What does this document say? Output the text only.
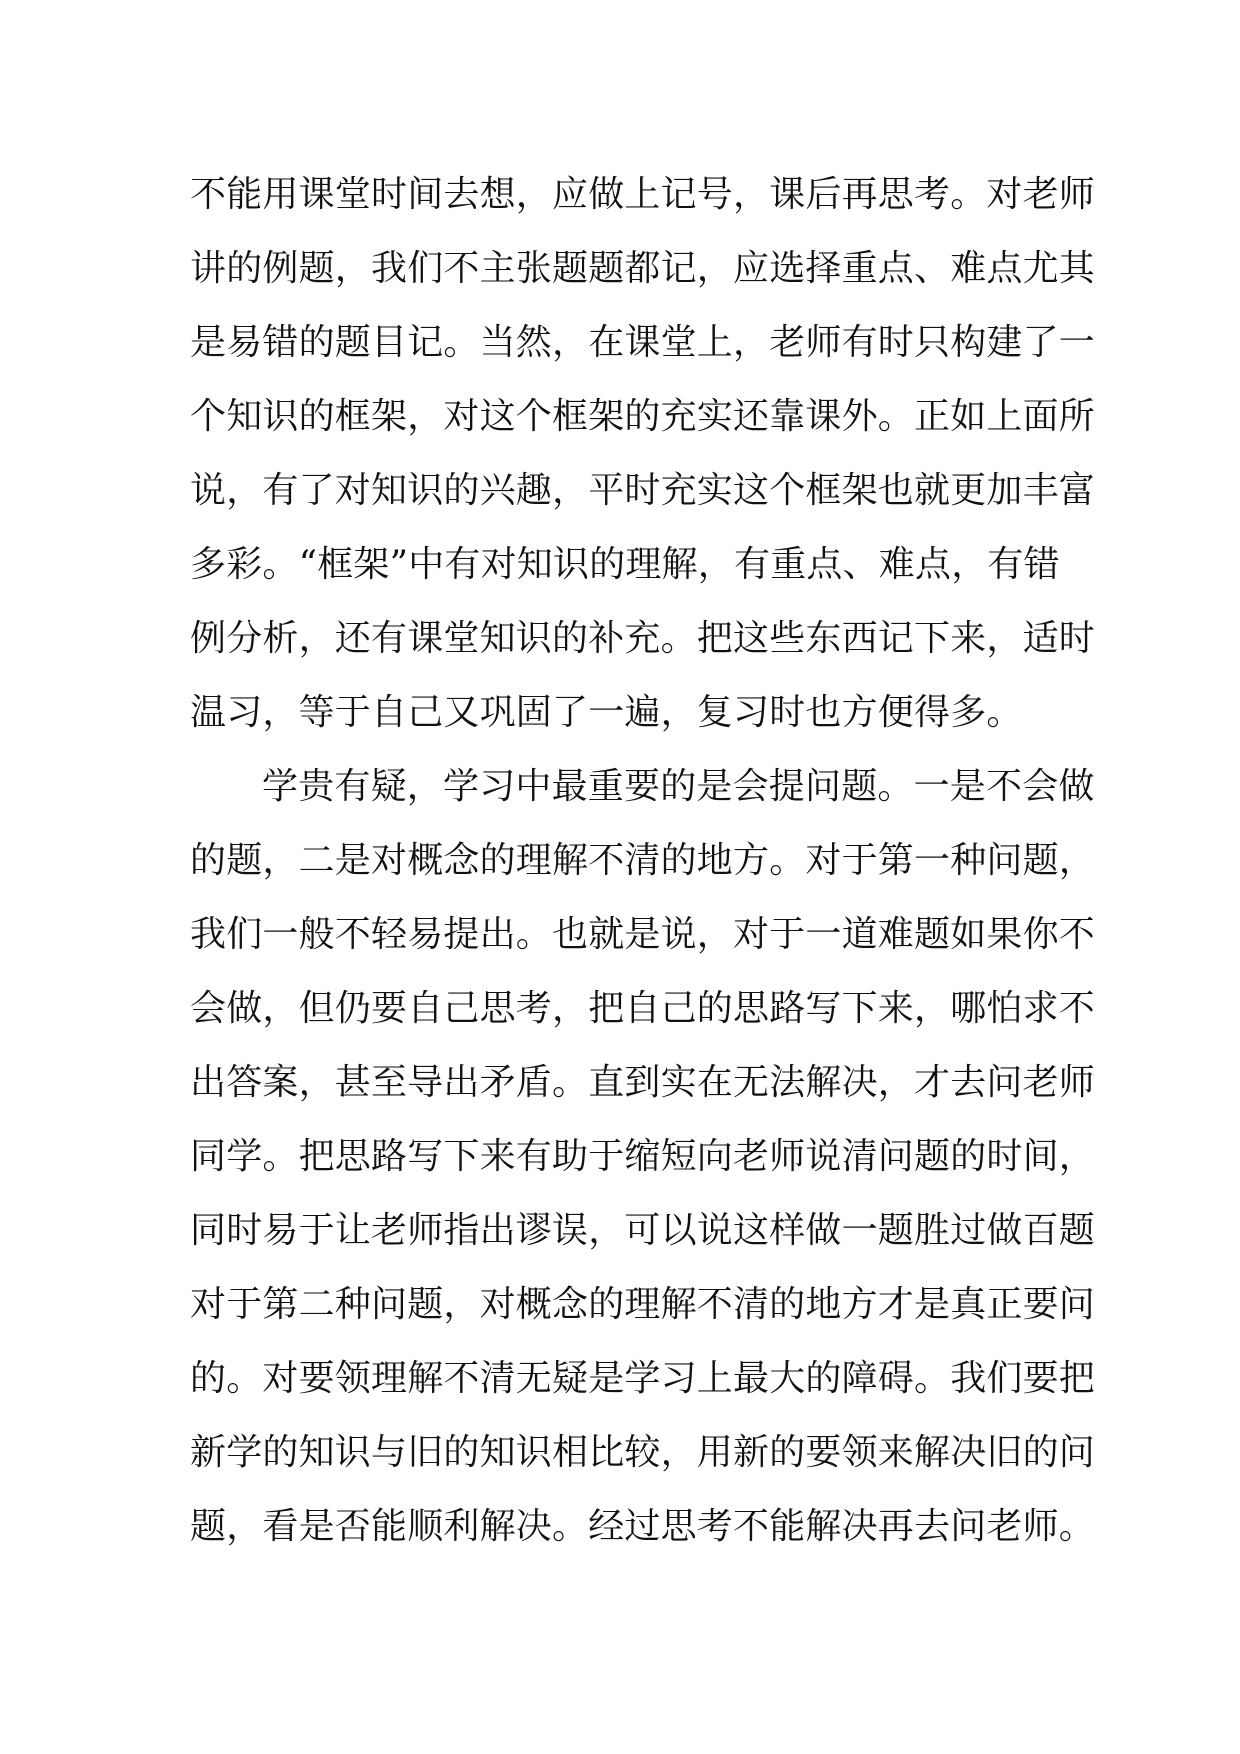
不能用课堂时间去想，应做上记号，课后再思考。对老师
讲的例题，我们不主张题题都记，应选择重点、难点尤其
是易错的题目记。当然，在课堂上，老师有时只构建了一
个知识的框架，对这个框架的充实还靠课外。正如上面所
说，有了对知识的兴趣，平时充实这个框架也就更加丰富
多彩。“框架”中有对知识的理解，有重点、难点，有错
例分析，还有课堂知识的补充。把这些东西记下来，适时
温习，等于自己又巩固了一遍，复习时也方便得多。
学贵有疑，学习中最重要的是会提问题。一是不会做
的题，二是对概念的理解不清的地方。对于第一种问题，
我们一般不轻易提出。也就是说，对于一道难题如果你不
会做，但仍要自己思考，把自己的思路写下来，哪怕求不
出答案，甚至导出矛盾。直到实在无法解决，才去问老师
同学。把思路写下来有助于缩短向老师说清问题的时间，
同时易于让老师指出谬误，可以说这样做一题胜过做百题
对于第二种问题，对概念的理解不清的地方才是真正要问
的。对要领理解不清无疑是学习上最大的障碍。我们要把
新学的知识与旧的知识相比较，用新的要领来解决旧的问
题，看是否能顺利解决。经过思考不能解决再去问老师。
